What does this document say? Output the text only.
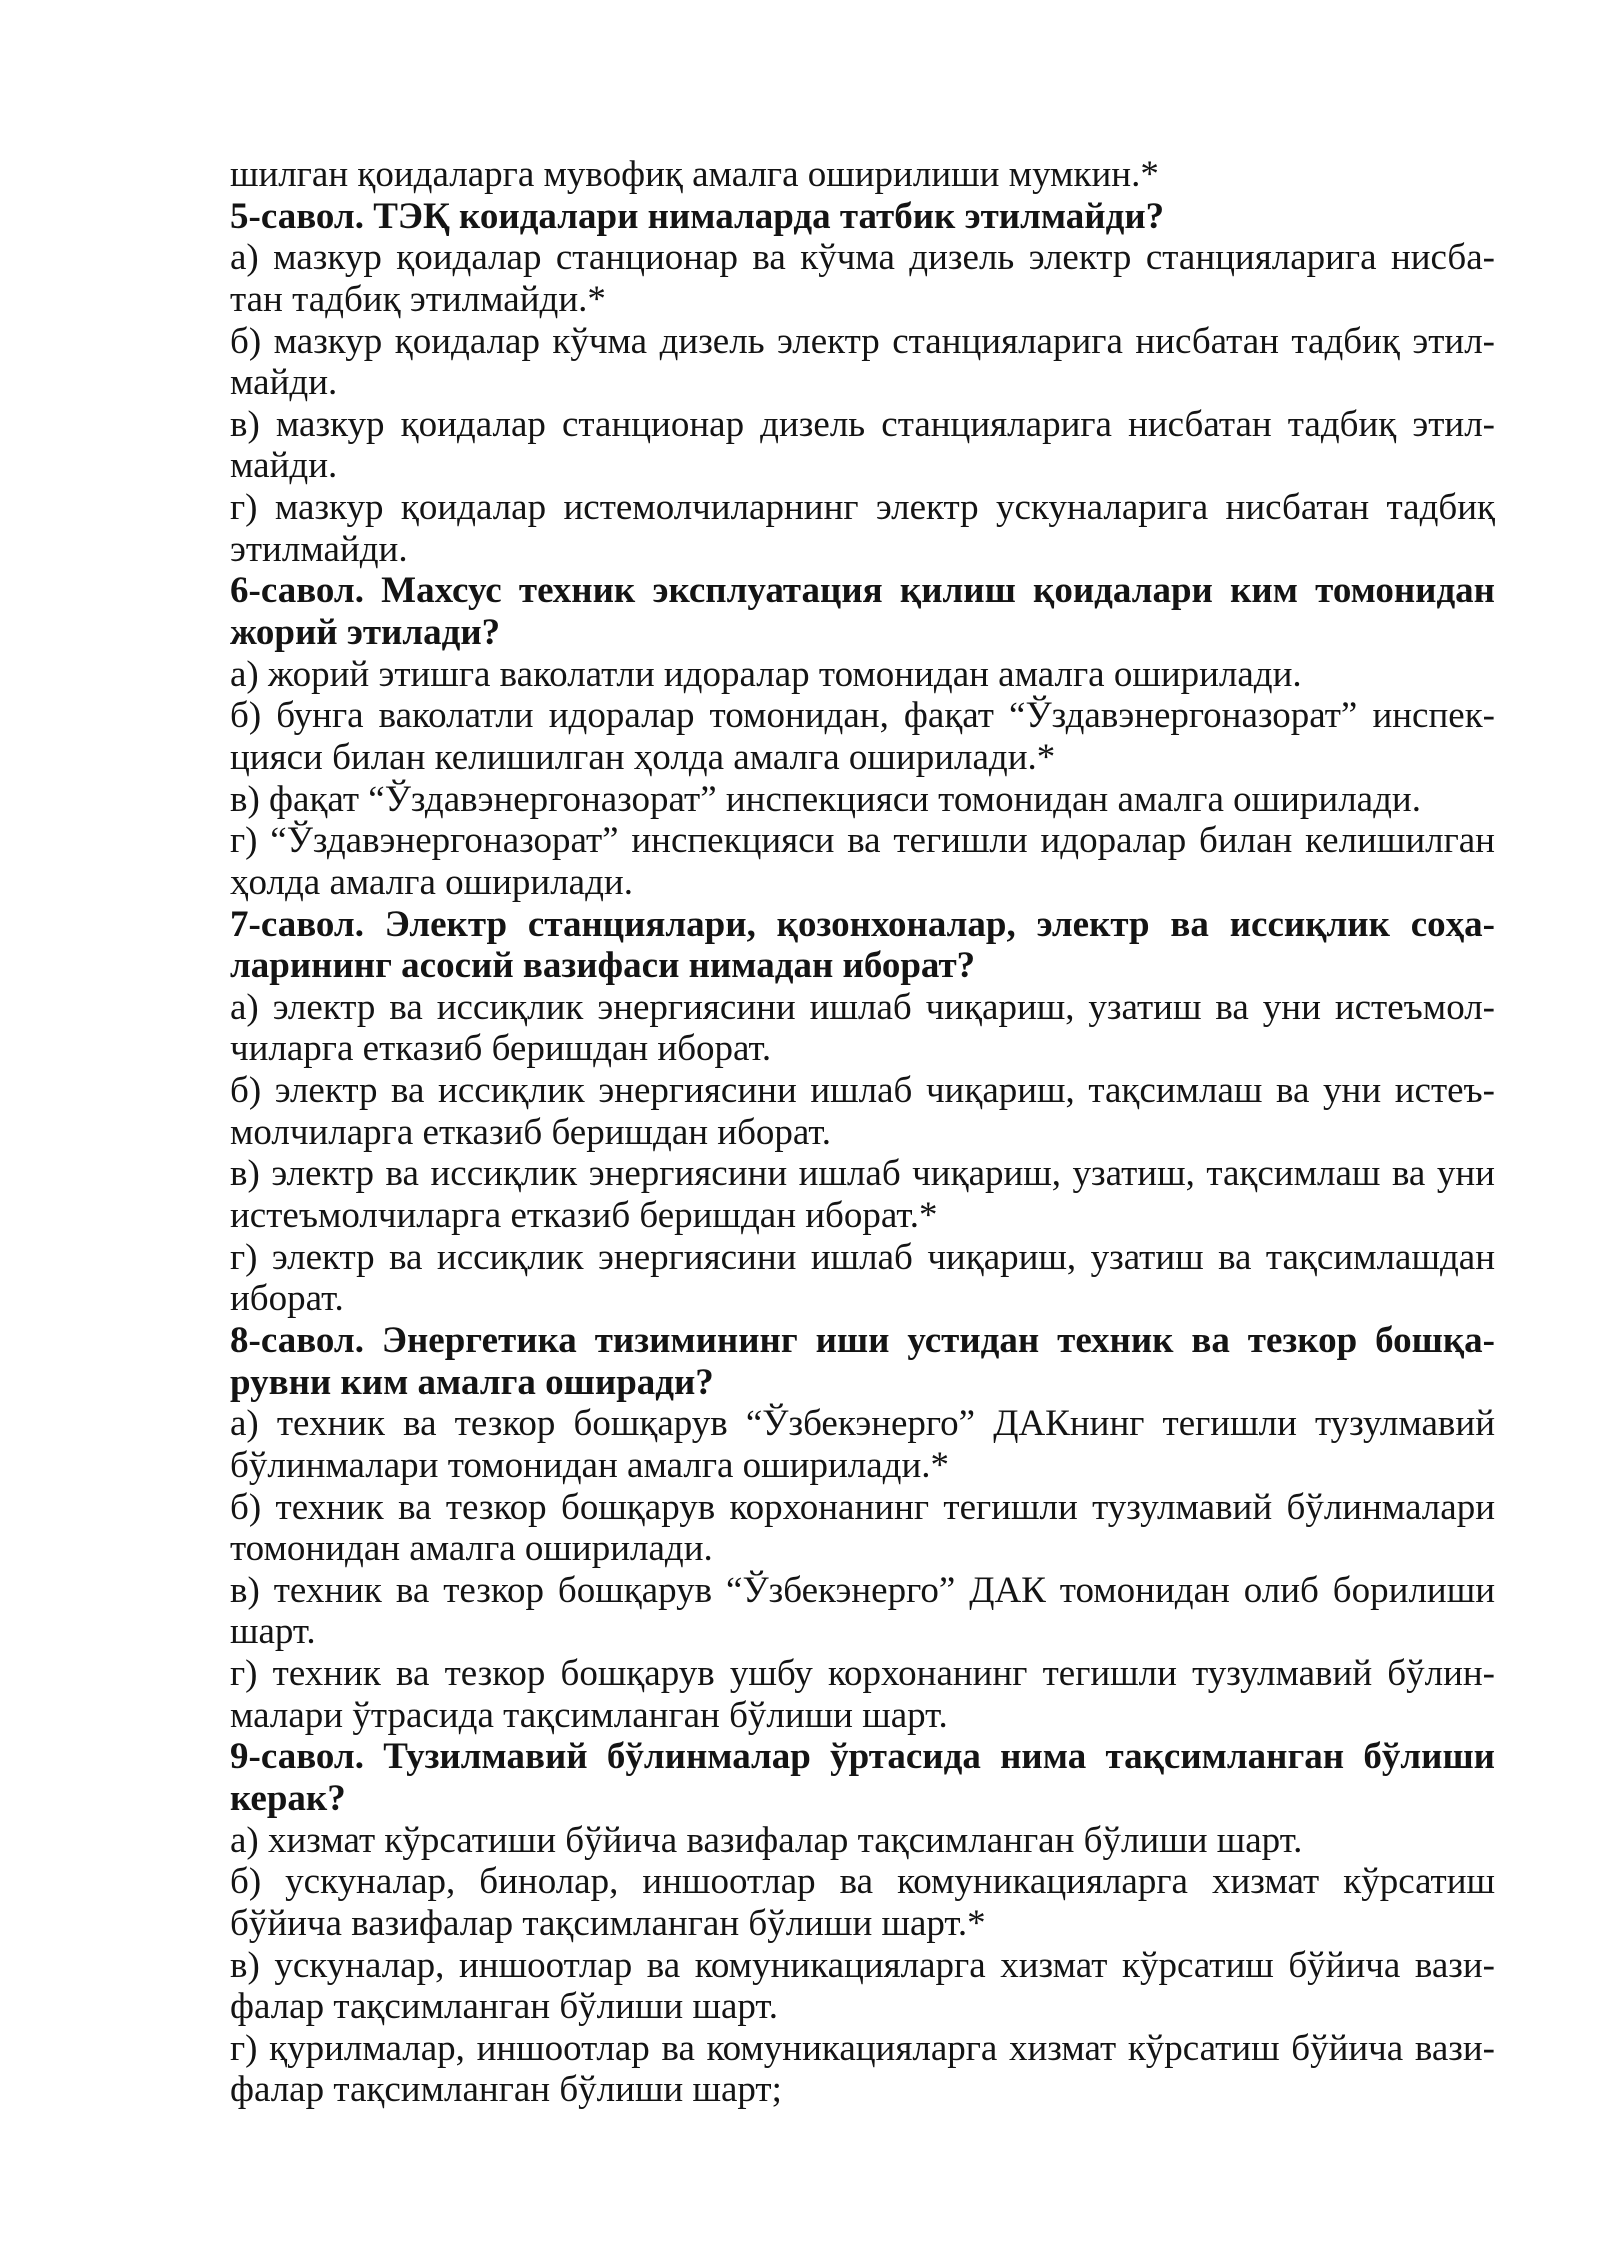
шилган қоидаларга мувофиқ амалга оширилиши мумкин.*
5-савол. ТЭҚ коидалари нималарда татбик этилмайди?
а) мазкур қоидалар станционар ва кўчма дизель электр станцияларига нисба-
тан тадбиқ этилмайди.*
б) мазкур қоидалар кўчма дизель электр станцияларига нисбатан тадбиқ этил-
майди.
в) мазкур қоидалар станционар дизель станцияларига нисбатан тадбиқ этил-
майди.
г) мазкур қоидалар истемолчиларнинг электр ускуналарига нисбатан тадбиқ
этилмайди.
6-савол. Махсус техник эксплуатация қилиш қоидалари ким томонидан
жорий этилади?
а) жорий этишга ваколатли идоралар томонидан амалга оширилади.
б) бунга ваколатли идоралар томонидан, фақат “Ўздавэнергоназорат” инспек-
цияси билан келишилган ҳолда амалга оширилади.*
в) фақат “Ўздавэнергоназорат” инспекцияси томонидан амалга оширилади.
г) “Ўздавэнергоназорат” инспекцияси ва тегишли идоралар билан келишилган
ҳолда амалга оширилади.
7-савол. Электр станциялари, қозонхоналар, электр ва иссиқлик соҳа-
ларининг асосий вазифаси нимадан иборат?
а) электр ва иссиқлик энергиясини ишлаб чиқариш, узатиш ва уни истеъмол-
чиларга етказиб беришдан иборат.
б) электр ва иссиқлик энергиясини ишлаб чиқариш, тақсимлаш ва уни истеъ-
молчиларга етказиб беришдан иборат.
в) электр ва иссиқлик энергиясини ишлаб чиқариш, узатиш, тақсимлаш ва уни
истеъмолчиларга етказиб беришдан иборат.*
г) электр ва иссиқлик энергиясини ишлаб чиқариш, узатиш ва тақсимлашдан
иборат.
8-савол. Энергетика тизимининг иши устидан техник ва тезкор бошқа-
рувни ким амалга оширади?
а) техник ва тезкор бошқарув “Ўзбекэнерго” ДАКнинг тегишли тузулмавий
бўлинмалари томонидан амалга оширилади.*
б) техник ва тезкор бошқарув корхонанинг тегишли тузулмавий бўлинмалари
томонидан амалга оширилади.
в) техник ва тезкор бошқарув “Ўзбекэнерго” ДАК томонидан олиб борилиши
шарт.
г) техник ва тезкор бошқарув ушбу корхонанинг тегишли тузулмавий бўлин-
малари ўтрасида тақсимланган бўлиши шарт.
9-савол. Тузилмавий бўлинмалар ўртасида нима тақсимланган бўлиши
керак?
а) хизмат кўрсатиши бўйича вазифалар тақсимланган бўлиши шарт.
б) ускуналар, бинолар, иншоотлар ва комуникацияларга хизмат кўрсатиш
бўйича вазифалар тақсимланган бўлиши шарт.*
в) ускуналар, иншоотлар ва комуникацияларга хизмат кўрсатиш бўйича вази-
фалар тақсимланган бўлиши шарт.
г) қурилмалар, иншоотлар ва комуникацияларга хизмат кўрсатиш бўйича вази-
фалар тақсимланган бўлиши шарт;
